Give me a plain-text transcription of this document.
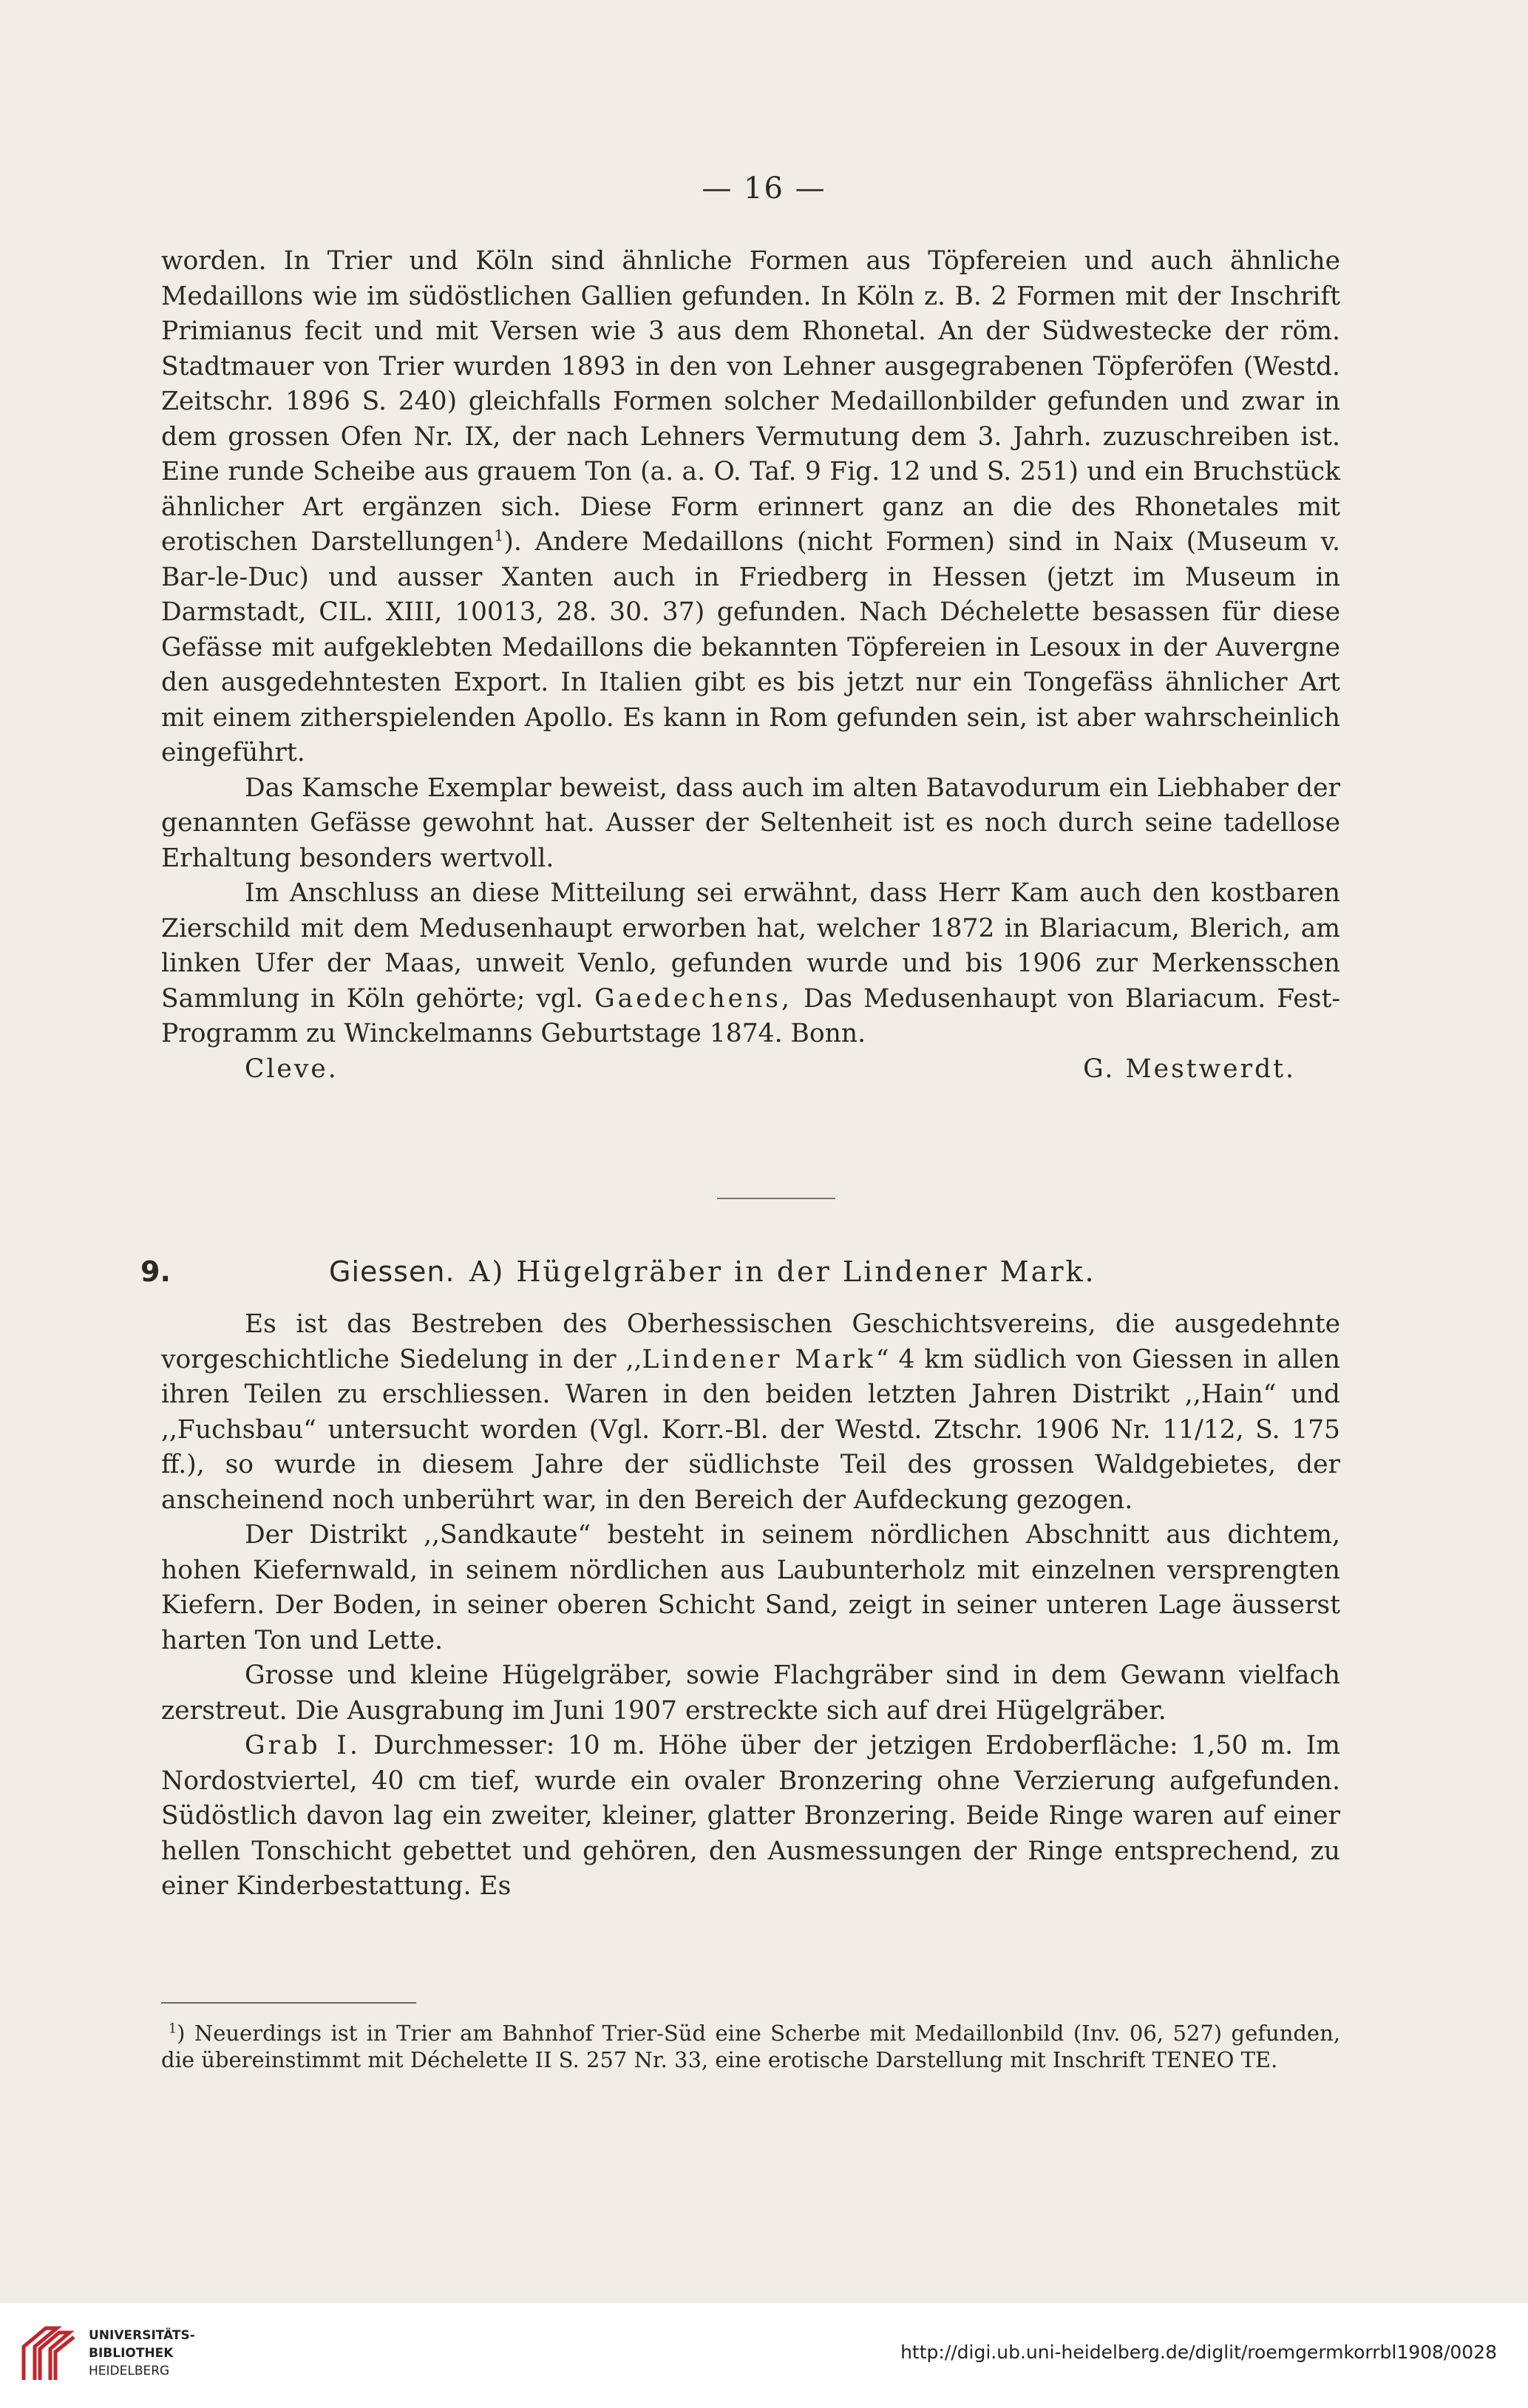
— 16 —

worden. In Trier und Köln sind ähnliche Formen aus Töpfereien und auch ähnliche Medaillons wie im südöstlichen Gallien gefunden. In Köln z. B. 2 Formen mit der Inschrift Primianus fecit und mit Versen wie 3 aus dem Rhonetal. An der Südwestecke der röm. Stadtmauer von Trier wurden 1893 in den von Lehner ausgegrabenen Töpferöfen (Westd. Zeitschr. 1896 S. 240) gleichfalls Formen solcher Medaillonbilder gefunden und zwar in dem grossen Ofen Nr. IX, der nach Lehners Vermutung dem 3. Jahrh. zuzuschreiben ist. Eine runde Scheibe aus grauem Ton (a. a. O. Taf. 9 Fig. 12 und S. 251) und ein Bruchstück ähnlicher Art ergänzen sich. Diese Form erinnert ganz an die des Rhonetales mit erotischen Darstellungen$^1$). Andere Medaillons (nicht Formen) sind in Naix (Museum v. Bar-le-Duc) und ausser Xanten auch in Friedberg in Hessen (jetzt im Museum in Darmstadt, CIL. XIII, 10013, 28. 30. 37) gefunden. Nach Déchelette besassen für diese Gefässe mit aufgeklebten Medaillons die bekannten Töpfereien in Lesoux in der Auvergne den ausgedehntesten Export. In Italien gibt es bis jetzt nur ein Tongefäss ähnlicher Art mit einem zitherspielenden Apollo. Es kann in Rom gefunden sein, ist aber wahrscheinlich eingeführt.

Das Kamsche Exemplar beweist, dass auch im alten Batavodurum ein Liebhaber der genannten Gefässe gewohnt hat. Ausser der Seltenheit ist es noch durch seine tadellose Erhaltung besonders wertvoll.

Im Anschluss an diese Mitteilung sei erwähnt, dass Herr Kam auch den kostbaren Zierschild mit dem Medusenhaupt erworben hat, welcher 1872 in Blariacum, Blerich, am linken Ufer der Maas, unweit Venlo, gefunden wurde und bis 1906 zur Merkensschen Sammlung in Köln gehörte; vgl. Gaedechens, Das Medusenhaupt von Blariacum. Fest-Programm zu Winckelmanns Geburtstage 1874. Bonn.

Cleve.	G. Mestwerdt.
9.	Giessen. A) Hügelgräber in der Lindener Mark.

Es ist das Bestreben des Oberhessischen Geschichtsvereins, die ausgedehnte vorgeschichtliche Siedelung in der ,,Lindener Mark“ 4 km südlich von Giessen in allen ihren Teilen zu erschliessen. Waren in den beiden letzten Jahren Distrikt ,,Hain“ und ,,Fuchsbau“ untersucht worden (Vgl. Korr.-Bl. der Westd. Ztschr. 1906 Nr. 11/12, S. 175 ff.), so wurde in diesem Jahre der südlichste Teil des grossen Waldgebietes, der anscheinend noch unberührt war, in den Bereich der Aufdeckung gezogen.

Der Distrikt ,,Sandkaute“ besteht in seinem nördlichen Abschnitt aus dichtem, hohen Kiefernwald, in seinem nördlichen aus Laubunterholz mit einzelnen versprengten Kiefern. Der Boden, in seiner oberen Schicht Sand, zeigt in seiner unteren Lage äusserst harten Ton und Lette.

Grosse und kleine Hügelgräber, sowie Flachgräber sind in dem Gewann vielfach zerstreut. Die Ausgrabung im Juni 1907 erstreckte sich auf drei Hügelgräber.

Grab I. Durchmesser: 10 m. Höhe über der jetzigen Erdoberfläche: 1,50 m. Im Nordostviertel, 40 cm tief, wurde ein ovaler Bronzering ohne Verzierung aufgefunden. Südöstlich davon lag ein zweiter, kleiner, glatter Bronzering. Beide Ringe waren auf einer hellen Tonschicht gebettet und gehören, den Ausmessungen der Ringe entsprechend, zu einer Kinderbestattung. Es

$^1$) Neuerdings ist in Trier am Bahnhof Trier-Süd eine Scherbe mit Medaillonbild (Inv. 06, 527) gefunden, die übereinstimmt mit Déchelette II S. 257 Nr. 33, eine erotische Darstellung mit Inschrift TENEO TE.

UNIVERSITÄTS-
BIBLIOTHEK
HEIDELBERG
http://digi.ub.uni-heidelberg.de/diglit/roemgermkorrbl1908/0028
